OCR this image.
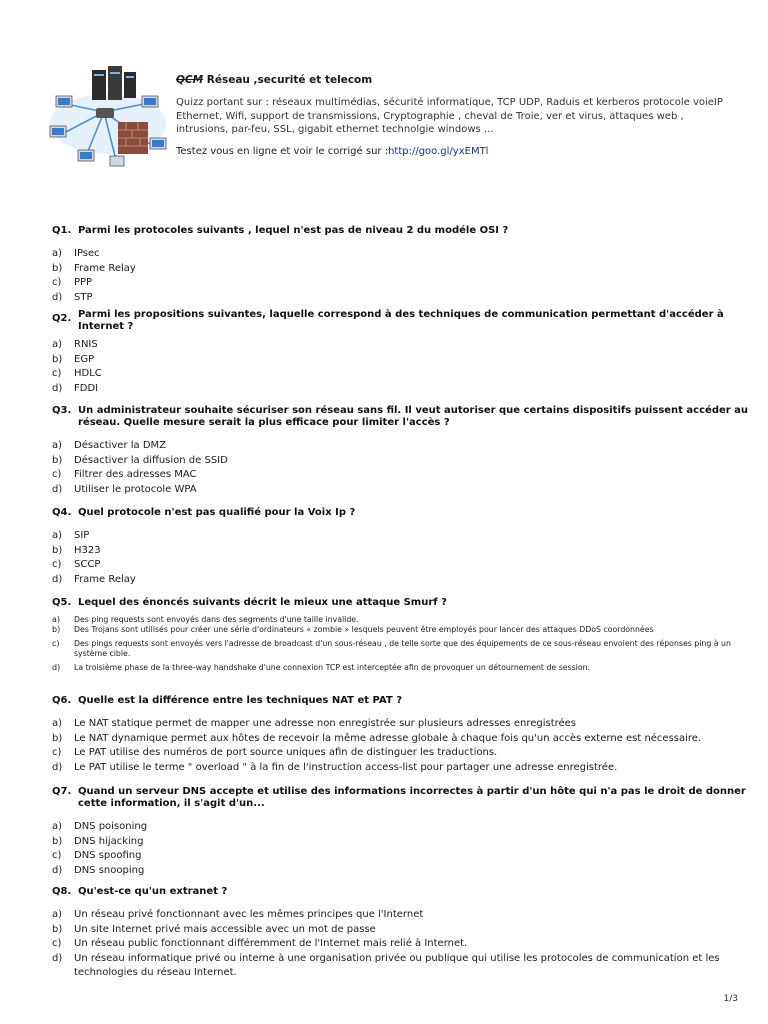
QCM Réseau ,securité et telecom

Quizz portant sur : réseaux multimédias, sécurité informatique, TCP UDP, Raduis et kerberos protocole voieIP
Ethernet, Wifi, support de transmissions, Cryptographie , cheval de Troie, ver et virus, attaques web ,
intrusions, par-feu, SSL, gigabit ethernet technolgie windows ...

Testez vous en ligne et voir le corrigé sur :http://goo.gl/yxEMTl

Q1. Parmi les protocoles suivants , lequel n'est pas de niveau 2 du modéle OSI ?
a)	IPsec
b)	Frame Relay
c)	PPP
d)	STP
Q2. Parmi les propositions suivantes, laquelle correspond à des techniques de communication permettant d'accéder à Internet ?
a)	RNIS
b)	EGP
c)	HDLC
d)	FDDI
Q3. Un administrateur souhaite sécuriser son réseau sans fil. Il veut autoriser que certains dispositifs puissent accéder au réseau. Quelle mesure serait la plus efficace pour limiter l'accès ?
a)	Désactiver la DMZ
b)	Désactiver la diffusion de SSID
c)	Filtrer des adresses MAC
d)	Utiliser le protocole WPA
Q4. Quel protocole n'est pas qualifié pour la Voix Ip ?
a)	SIP
b)	H323
c)	SCCP
d)	Frame Relay
Q5. Lequel des énoncés suivants décrit le mieux une attaque Smurf ?
a)	Des ping requests sont envoyés dans des segments d'une taille invalide.
b)	Des Trojans sont utilisés pour créer une série d'ordinateurs « zombie » lesquels peuvent être employés pour lancer des attaques DDoS coordonnées
c)	Des pings requests sont envoyés vers l'adresse de broadcast d'un sous-réseau , de telle sorte que des équipements de ce sous-réseau envoient des réponses ping à un système cible.
d)	La troisième phase de la three-way handshake d'une connexion TCP est interceptée afin de provoquer un détournement de session.
Q6. Quelle est la différence entre les techniques NAT et PAT ?
a)	Le NAT statique permet de mapper une adresse non enregistrée sur plusieurs adresses enregistrées
b)	Le NAT dynamique permet aux hôtes de recevoir la même adresse globale à chaque fois qu'un accès externe est nécessaire.
c)	Le PAT utilise des numéros de port source uniques afin de distinguer les traductions.
d)	Le PAT utilise le terme " overload " à la fin de l'instruction access-list pour partager une adresse enregistrée.
Q7. Quand un serveur DNS accepte et utilise des informations incorrectes à partir d'un hôte qui n'a pas le droit de donner cette information, il s'agit d'un...
a)	DNS poisoning
b)	DNS hijacking
c)	DNS spoofing
d)	DNS snooping
Q8. Qu'est-ce qu'un extranet ?
a)	Un réseau privé fonctionnant avec les mêmes principes que l'Internet
b)	Un site Internet privé mais accessible avec un mot de passe
c)	Un réseau public fonctionnant différemment de l'Internet mais relié à Internet.
d)	Un réseau informatique privé ou interne à une organisation privée ou publique qui utilise les protocoles de communication et les technologies du réseau Internet.
1/3
